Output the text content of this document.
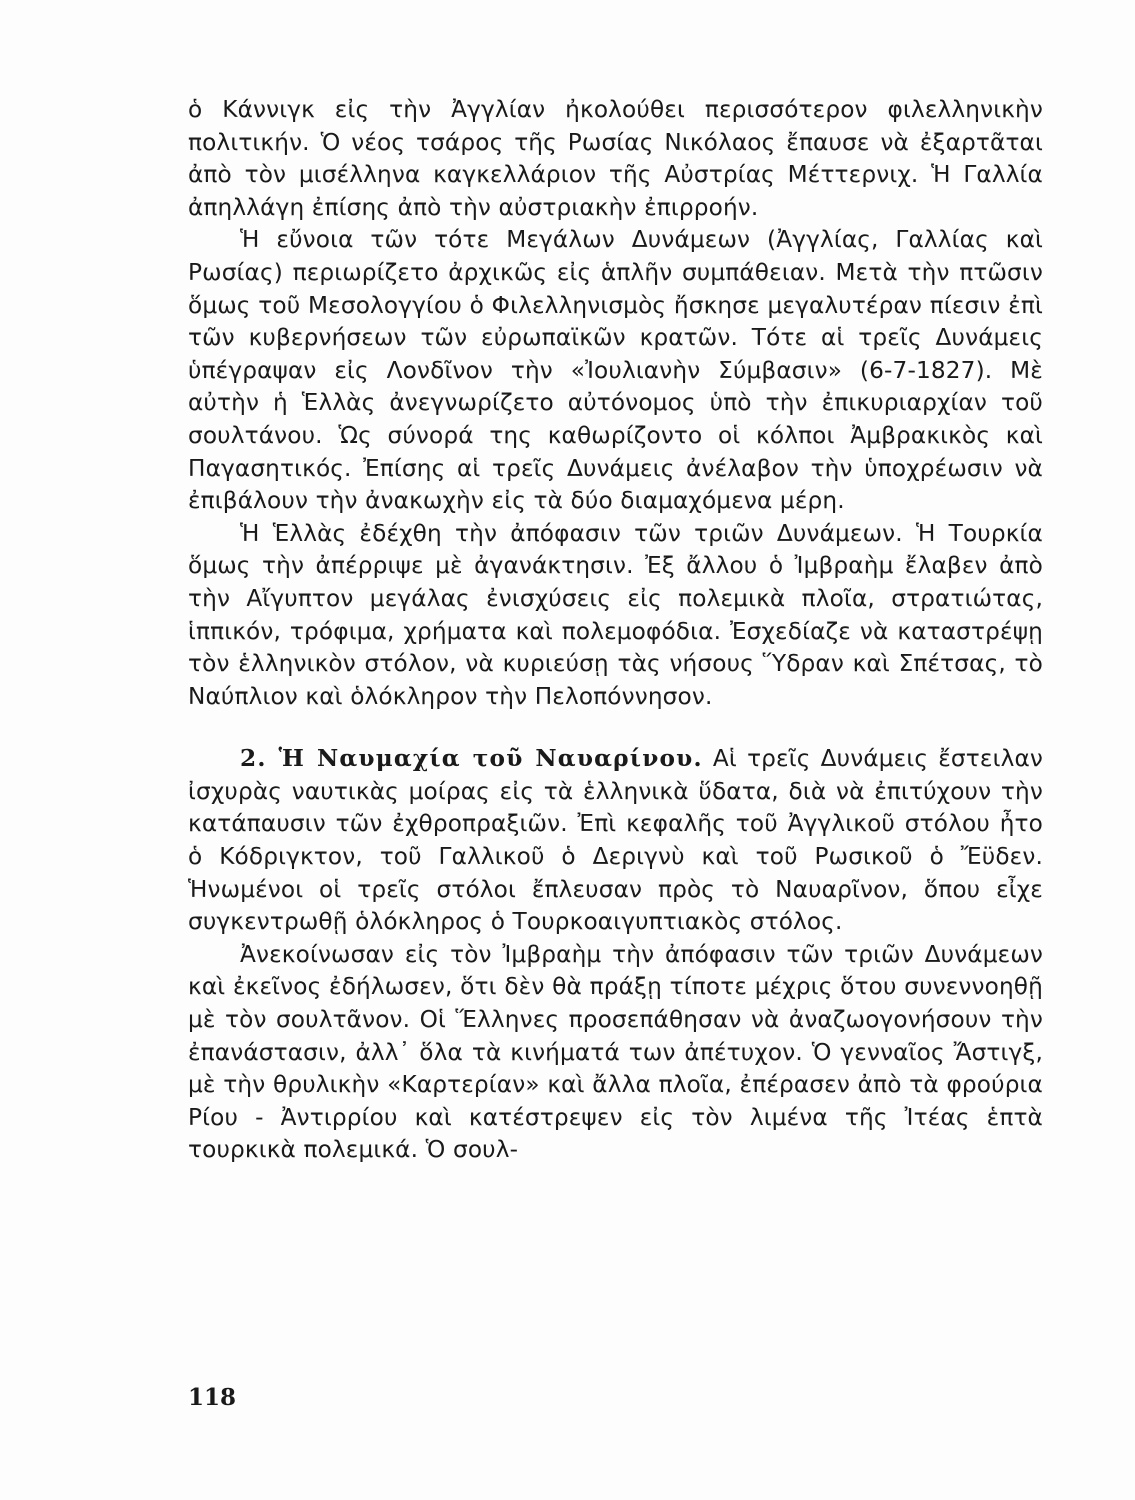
ὁ Κάννιγκ εἰς τὴν Ἀγγλίαν ἠκολούθει περισσότερον φιλελληνικὴν πολιτικήν. Ὁ νέος τσάρος τῆς Ρωσίας Νικόλαος ἔπαυσε νὰ ἐξαρτᾶται ἀπὸ τὸν μισέλληνα καγκελλάριον τῆς Αὐστρίας Μέττερνιχ. Ἡ Γαλλία ἀπηλλάγη ἐπίσης ἀπὸ τὴν αὐστριακὴν ἐπιρροήν.

Ἡ εὔνοια τῶν τότε Μεγάλων Δυνάμεων (Ἀγγλίας, Γαλλίας καὶ Ρωσίας) περιωρίζετο ἀρχικῶς εἰς ἁπλῆν συμπάθειαν. Μετὰ τὴν πτῶσιν ὅμως τοῦ Μεσολογγίου ὁ Φιλελληνισμὸς ἤσκησε μεγαλυτέραν πίεσιν ἐπὶ τῶν κυβερνήσεων τῶν εὐρωπαϊκῶν κρατῶν. Τότε αἱ τρεῖς Δυνάμεις ὑπέγραψαν εἰς Λονδῖνον τὴν «Ἰουλιανὴν Σύμβασιν» (6-7-1827). Μὲ αὐτὴν ἡ Ἑλλὰς ἀνεγνωρίζετο αὐτόνομος ὑπὸ τὴν ἐπικυριαρχίαν τοῦ σουλτάνου. Ὡς σύνορά της καθωρίζοντο οἱ κόλποι Ἀμβρακικὸς καὶ Παγασητικός. Ἐπίσης αἱ τρεῖς Δυνάμεις ἀνέλαβον τὴν ὑποχρέωσιν νὰ ἐπιβάλουν τὴν ἀνακωχὴν εἰς τὰ δύο διαμαχόμενα μέρη.

Ἡ Ἑλλὰς ἐδέχθη τὴν ἀπόφασιν τῶν τριῶν Δυνάμεων. Ἡ Τουρκία ὅμως τὴν ἀπέρριψε μὲ ἀγανάκτησιν. Ἐξ ἄλλου ὁ Ἰμβραὴμ ἔλαβεν ἀπὸ τὴν Αἴγυπτον μεγάλας ἐνισχύσεις εἰς πολεμικὰ πλοῖα, στρατιώτας, ἱππικόν, τρόφιμα, χρήματα καὶ πολεμοφόδια. Ἐσχεδίαζε νὰ καταστρέψῃ τὸν ἑλληνικὸν στόλον, νὰ κυριεύσῃ τὰς νήσους Ὕδραν καὶ Σπέτσας, τὸ Ναύπλιον καὶ ὁλόκληρον τὴν Πελοπόννησον.

2. Ἡ Ναυμαχία τοῦ Ναυαρίνου. Αἱ τρεῖς Δυνάμεις ἔστειλαν ἰσχυρὰς ναυτικὰς μοίρας εἰς τὰ ἑλληνικὰ ὕδατα, διὰ νὰ ἐπιτύχουν τὴν κατάπαυσιν τῶν ἐχθροπραξιῶν. Ἐπὶ κεφαλῆς τοῦ Ἀγγλικοῦ στόλου ἦτο ὁ Κόδριγκτον, τοῦ Γαλλικοῦ ὁ Δεριγνὺ καὶ τοῦ Ρωσικοῦ ὁ Ἔϋδεν. Ἡνωμένοι οἱ τρεῖς στόλοι ἔπλευσαν πρὸς τὸ Ναυαρῖνον, ὅπου εἶχε συγκεντρωθῇ ὁλόκληρος ὁ Τουρκοαιγυπτιακὸς στόλος.

Ἀνεκοίνωσαν εἰς τὸν Ἰμβραὴμ τὴν ἀπόφασιν τῶν τριῶν Δυνάμεων καὶ ἐκεῖνος ἐδήλωσεν, ὅτι δὲν θὰ πράξῃ τίποτε μέχρις ὅτου συνεννοηθῇ μὲ τὸν σουλτᾶνον. Οἱ Ἕλληνες προσεπάθησαν νὰ ἀναζωογονήσουν τὴν ἐπανάστασιν, ἀλλ᾽ ὅλα τὰ κινήματά των ἀπέτυχον. Ὁ γενναῖος Ἄστιγξ, μὲ τὴν θρυλικὴν «Καρτερίαν» καὶ ἄλλα πλοῖα, ἐπέρασεν ἀπὸ τὰ φρούρια Ρίου - Ἀντιρρίου καὶ κατέστρεψεν εἰς τὸν λιμένα τῆς Ἰτέας ἑπτὰ τουρκικὰ πολεμικά. Ὁ σουλ-

118
